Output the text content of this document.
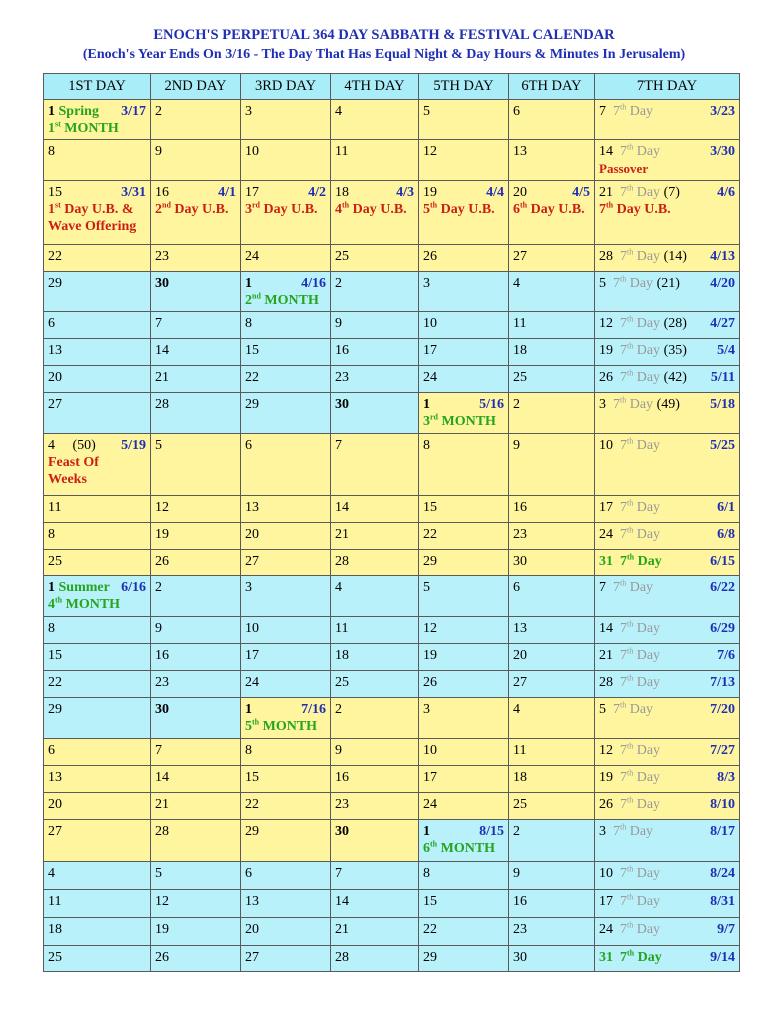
ENOCH'S PERPETUAL 364 DAY SABBATH & FESTIVAL CALENDAR
(Enoch's Year Ends On 3/16 - The Day That Has Equal Night & Day Hours & Minutes In Jerusalem)
1ST DAY	2ND DAY	3RD DAY	4TH DAY	5TH DAY	6TH DAY	7TH DAY

1 3/17
Spring
1st MONTH	2	3	4	5	6	7 3/23
7th Day

8	9	10	11	12	13	14 3/30
7th Day
Passover

15 3/31
1st Day U.B. &
Wave Offering	16 4/1
2nd Day U.B.	17 4/2
3rd Day U.B.	18 4/3
4th Day U.B.	19 4/4
5th Day U.B.	20 4/5
6th Day U.B.	21 4/6
7th Day (7)
7th Day U.B.

22	23	24	25	26	27	28 4/13
7th Day (14)

29	30	1 4/16
2nd MONTH	2	3	4	5 4/20
7th Day (21)

6	7	8	9	10	11	12 4/27
7th Day (28)

13	14	15	16	17	18	19 5/4
7th Day (35)

20	21	22	23	24	25	26 5/11
7th Day (42)

27	28	29	30	1 5/16
3rd MONTH	2	3 5/18
7th Day (49)

4 5/19
(50)
Feast Of
Weeks	5	6	7	8	9	10 5/25
7th Day

11	12	13	14	15	16	17 6/1
7th Day

8	19	20	21	22	23	24 6/8
7th Day

25	26	27	28	29	30	31 6/15
7th Day

1 6/16
Summer
4th MONTH	2	3	4	5	6	7 6/22
7th Day

8	9	10	11	12	13	14 6/29
7th Day

15	16	17	18	19	20	21 7/6
7th Day

22	23	24	25	26	27	28 7/13
7th Day

29	30	1 7/16
5th MONTH	2	3	4	5 7/20
7th Day

6	7	8	9	10	11	12 7/27
7th Day

13	14	15	16	17	18	19 8/3
7th Day

20	21	22	23	24	25	26 8/10
7th Day

27	28	29	30	1 8/15
6th MONTH	2	3 8/17
7th Day

4	5	6	7	8	9	10 8/24
7th Day

11	12	13	14	15	16	17 8/31
7th Day

18	19	20	21	22	23	24 9/7
7th Day

25	26	27	28	29	30	31 9/14
7th Day
